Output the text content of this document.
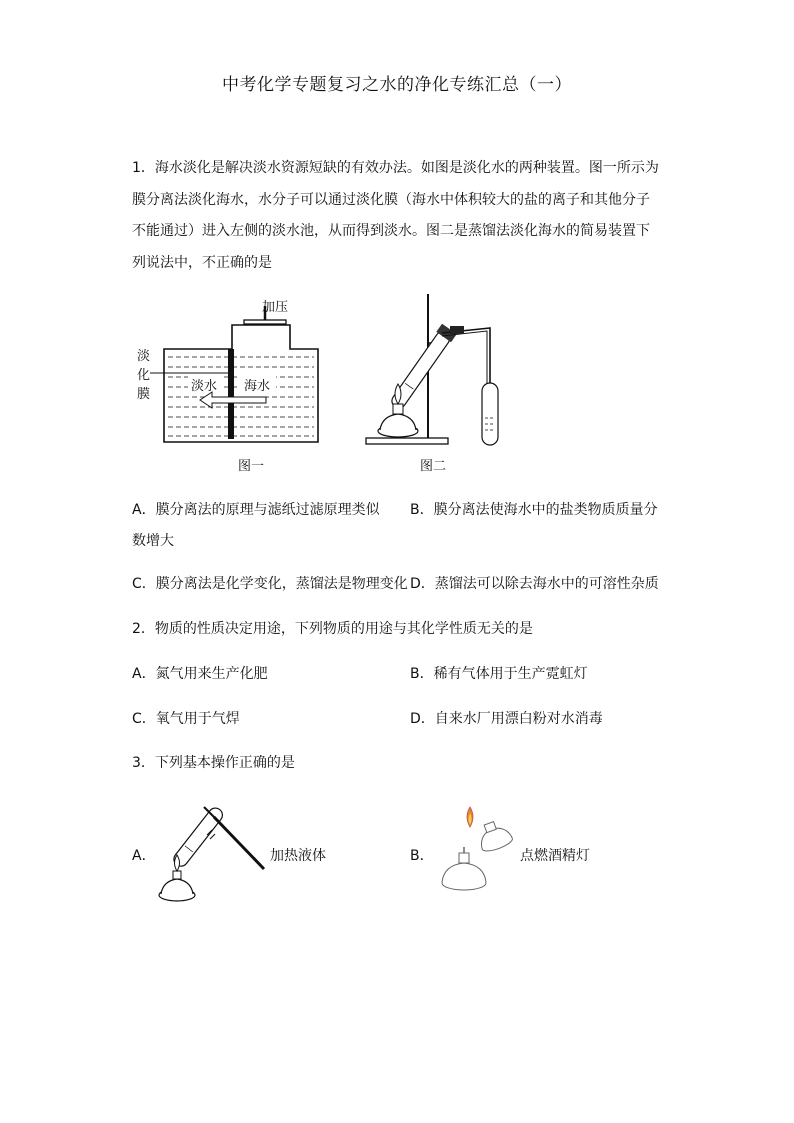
中考化学专题复习之水的净化专练汇总（一）
1．海水淡化是解决淡水资源短缺的有效办法。如图是淡化水的两种装置。图一所示为膜分离法淡化海水，水分子可以通过淡化膜（海水中体积较大的盐的离子和其他分子不能通过）进入左侧的淡水池，从而得到淡水。图二是蒸馏法淡化海水的简易装置下列说法中，不正确的是
加压
淡
化
膜
淡水 海水
图一	图二
A．膜分离法的原理与滤纸过滤原理类似 B．膜分离法使海水中的盐类物质质量分
数增大
C．膜分离法是化学变化，蒸馏法是物理变化 D．蒸馏法可以除去海水中的可溶性杂质
2．物质的性质决定用途，下列物质的用途与其化学性质无关的是
A．氮气用来生产化肥	B．稀有气体用于生产霓虹灯
C．氧气用于气焊	D．自来水厂用漂白粉对水消毒
3．下列基本操作正确的是
A．	加热液体	B．	点燃酒精灯
